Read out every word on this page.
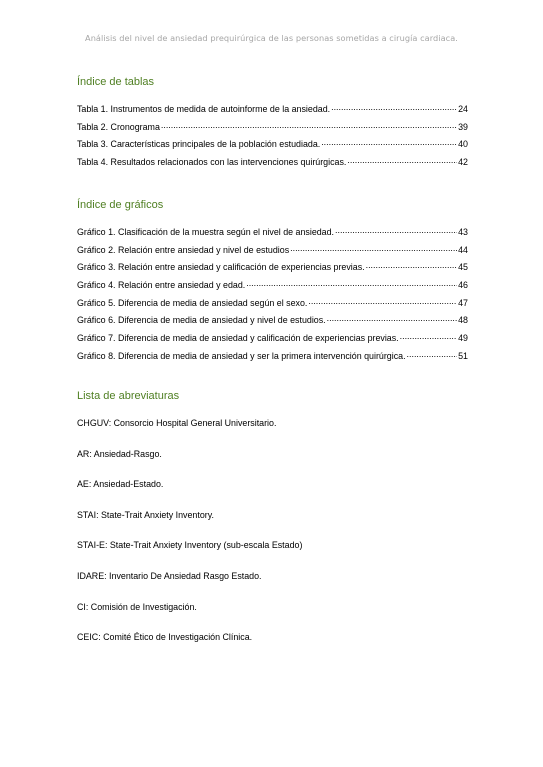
Análisis del nivel de ansiedad prequirúrgica de las personas sometidas a cirugía cardiaca.
Índice de tablas
Tabla 1. Instrumentos de medida de autoinforme de la ansiedad. .....	24
Tabla 2. Cronograma .....	39
Tabla 3. Características principales de la población estudiada. .....	40
Tabla 4. Resultados relacionados con las intervenciones quirúrgicas. .....	42
Índice de gráficos
Gráfico 1. Clasificación de la muestra según el nivel de ansiedad. .....	43
Gráfico 2. Relación entre ansiedad y nivel de estudios .....	44
Gráfico 3. Relación entre ansiedad y calificación de experiencias previas. .....	45
Gráfico 4. Relación entre ansiedad y edad. .....	46
Gráfico 5. Diferencia de media de ansiedad según el sexo. .....	47
Gráfico 6. Diferencia de media de ansiedad y nivel de estudios. .....	48
Gráfico 7. Diferencia de media de ansiedad y calificación de experiencias previas. .....	49
Gráfico 8. Diferencia de media de ansiedad y ser la primera intervención quirúrgica. .....	51
Lista de abreviaturas
CHGUV: Consorcio Hospital General Universitario.
AR: Ansiedad-Rasgo.
AE: Ansiedad-Estado.
STAI: State-Trait Anxiety Inventory.
STAI-E: State-Trait Anxiety Inventory (sub-escala Estado)
IDARE: Inventario De Ansiedad Rasgo Estado.
CI: Comisión de Investigación.
CEIC: Comité Ético de Investigación Clínica.
